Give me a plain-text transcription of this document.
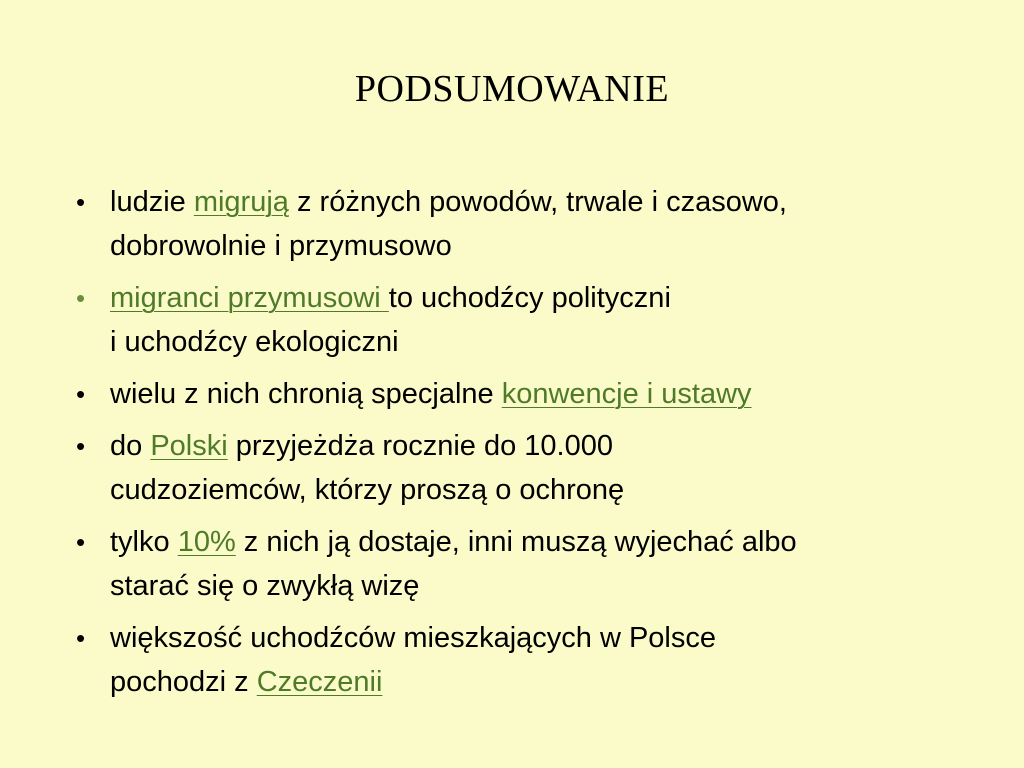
PODSUMOWANIE
• ludzie migrują z różnych powodów, trwale i czasowo,
dobrowolnie i przymusowo
• migranci przymusowi to uchodźcy polityczni
i uchodźcy ekologiczni
• wielu z nich chronią specjalne konwencje i ustawy
• do Polski przyjeżdża rocznie do 10.000
cudzoziemców, którzy proszą o ochronę
• tylko 10% z nich ją dostaje, inni muszą wyjechać albo
starać się o zwykłą wizę
• większość uchodźców mieszkających w Polsce
pochodzi z Czeczenii
